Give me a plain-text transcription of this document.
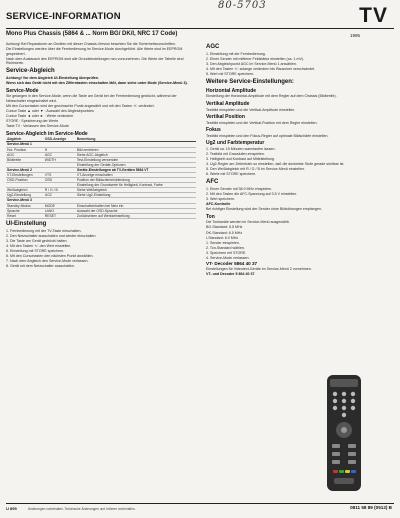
80-5703
SERVICE-INFORMATION	TV
Mono Plus Chassis (5864 & ... Norm BG/ DK/I, NRC 17 Code)	1995

Achtung! Bei Reparaturen an Geräten mit dieser Chassis-Version beachten Sie die Sicherheitsvorschriften.

Die Einstellungen werden über die Fernbedienung im Service-Mode durchgeführt. Alle Werte sind im EEPROM gespeichert.

Nach dem Austausch des EEPROM sind alle Grundeinstellungen neu vorzunehmen. Die Werte der Tabelle sind Richtwerte.

Service-Abgleich

Achtung! Vor dem Abgleich UI-Einstellung überprüfen.

Wenn sich das Gerät nicht mit den Zifferntasten einschalten läßt, dann siehe unter Mode (Service-Menü 3).

Service-Mode

Sie gelangen in den Service-Mode, wenn die Taste am Gerät bei der Fernbedienung gedrückt, während der Netzschalter eingeschaltet wird.

Mit den Cursortasten wird der gewünschte Punkt angewählt und mit den Tasten +/- verändert.

Cursor Taste ▲ oder ▼ : Auswahl des Abgleichpunktes

Cursor Taste ◄ oder ► : Werte verändern

STORE : Speicherung der Werte

Taste TV : Verlassen des Service-Mode

Service-Abgleich im Service-Mode
Abgleich	OSD-Anzeige	Bemerkung
Service-Menü 1		
Hor. Position	H	Bild zentrieren
AGC	AGC	Siehe AGC-Abgleich
Bildbreite	WIDTH	Test-Einstellung verwenden
		Einstellung der Geräte-Optionen
Service-Menü 2		Geräte-Einstellungen ab TV-Geräten 5864 VT
VT-Einstellungen	VTS	VT-Anzeige einschalten
OSD-Position	OSD	Position der Bildschirmeinblendung
		Einstellung der Grundwerte für Helligkeit, Kontrast, Farbe
Weißabgleich	R / G / B	Siehe Weißabgleich
Ug2-Einstellung	UG2	Siehe Ug2-Einstellung
Service-Menü 3		
Standby-Modus	MODE	Einschaltverhalten bei Netz ein
Sprache	LANG	Auswahl der OSD-Sprache
Reset	RESET	Zurücksetzen auf Werkseinstellung
UI-Einstellung

1. Fernbedienung mit der TV-Taste einschalten.

2. Den Netzschalter ausschalten und wieder einschalten.

3. Die Taste am Gerät gedrückt halten.

4. Mit den Tasten +/- den Wert einstellen.

5. Einstellung mit STORE speichern.

6. Mit den Cursortasten den nächsten Punkt anwählen.

7. Nach dem Abgleich den Service-Mode verlassen.

8. Gerät mit dem Netzschalter ausschalten.

AGC

1. Einstellung mit der Fernbedienung.

2. Einen Sender mit mittlerer Feldstärke einstellen (ca. 1 mV).

3. Den Abgleichpunkt AGC im Service-Menü 1 anwählen.

4. Mit den Tasten +/- solange verändern bis Rauschen verschwindet.

5. Wert mit STORE speichern.

Weitere Service-Einstellungen:
Horizontal Amplitude

Einstellung der Horizontal-Amplitude mit dem Regler auf dem Chassis (Bildbreite).

Vertikal Amplitude

Testbild einspielen und die Vertikal-Amplitude einstellen.

Vertikal Position

Testbild einspielen und die Vertikal-Position mit dem Regler einstellen.

Fokus

Testbild einspielen und den Fokus-Regler auf optimale Bildschärfe einstellen.

Ug2 und Farbtemperatur

1. Gerät ca. 15 Minuten warmlaufen lassen.

2. Testbild mit Graustufen einspielen.

3. Helligkeit und Kontrast auf Mittelstellung.

4. Ug2-Regler am Zeilentrafo so einstellen, daß die dunkelste Stufe gerade sichtbar ist.

5. Den Weißabgleich mit R / G / B im Service-Menü einstellen.

6. Werte mit STORE speichern.

AFC

1. Einen Sender mit 38.9 MHz einspielen.

2. Mit den Tasten die AFC-Spannung auf 3.5 V einstellen.

3. Wert speichern.

AFC-Kontrolle

Bei richtiger Einstellung wird der Sender ohne Bildstörungen empfangen.

Ton

Die Tonkanäle werden im Service-Menü ausgewählt.

BG-Standard: 5.5 MHz

DK-Standard: 6.5 MHz

I-Standard: 6.0 MHz

1. Sender einspielen.

2. Ton-Standard wählen.

3. Speichern mit STORE.

4. Service-Mode verlassen.

VT- Decoder 5864 40 37

Einstellungen für Videotext-Geräte im Service-Menü 2 vornehmen.

VT- und Decoder 5 864 40 37

U 895	Änderungen vorbehalten. Technische Änderungen und Irrtümer vorbehalten.	0811 58 89 (0512) B
